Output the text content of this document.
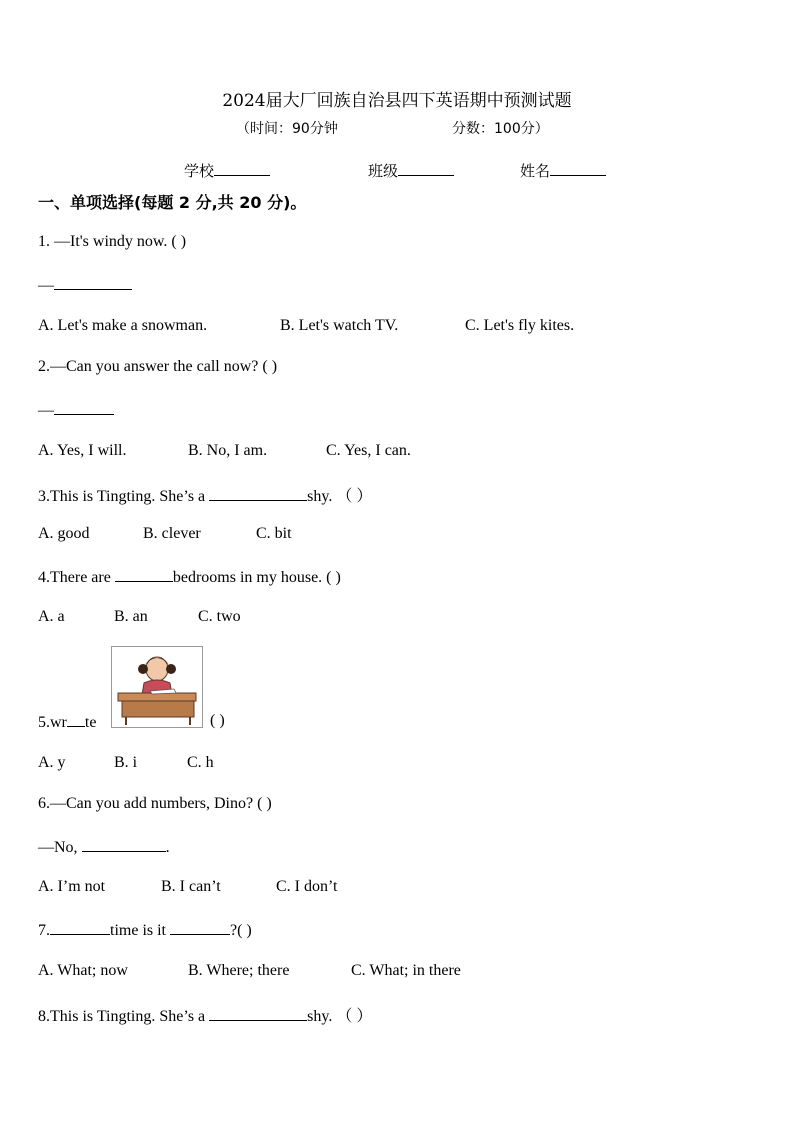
2024届大厂回族自治县四下英语期中预测试题
（时间：90分钟	分数：100分）
学校	班级	姓名
一、单项选择(每题 2 分,共 20 分)。
1. —It's windy now. ( )
—
A. Let's make a snowman.	B. Let's watch TV.	C. Let's fly kites.
2.—Can you answer the call now? ( )
—
A. Yes, I will.	B. No, I am.	C. Yes, I can.
3.This is Tingting. She’s a	shy. （ ）
A. good	B. clever	C. bit
4.There are	bedrooms in my house. ( )
A. a	B. an	C. two
5.wr te	( )
A. y	B. i	C. h
6.—Can you add numbers, Dino? ( )
—No,	.
A. I’m not	B. I can’t	C. I don’t
7.	time is it	?( )
A. What; now	B. Where; there	C. What; in there
8.This is Tingting. She’s a	shy. （ ）
